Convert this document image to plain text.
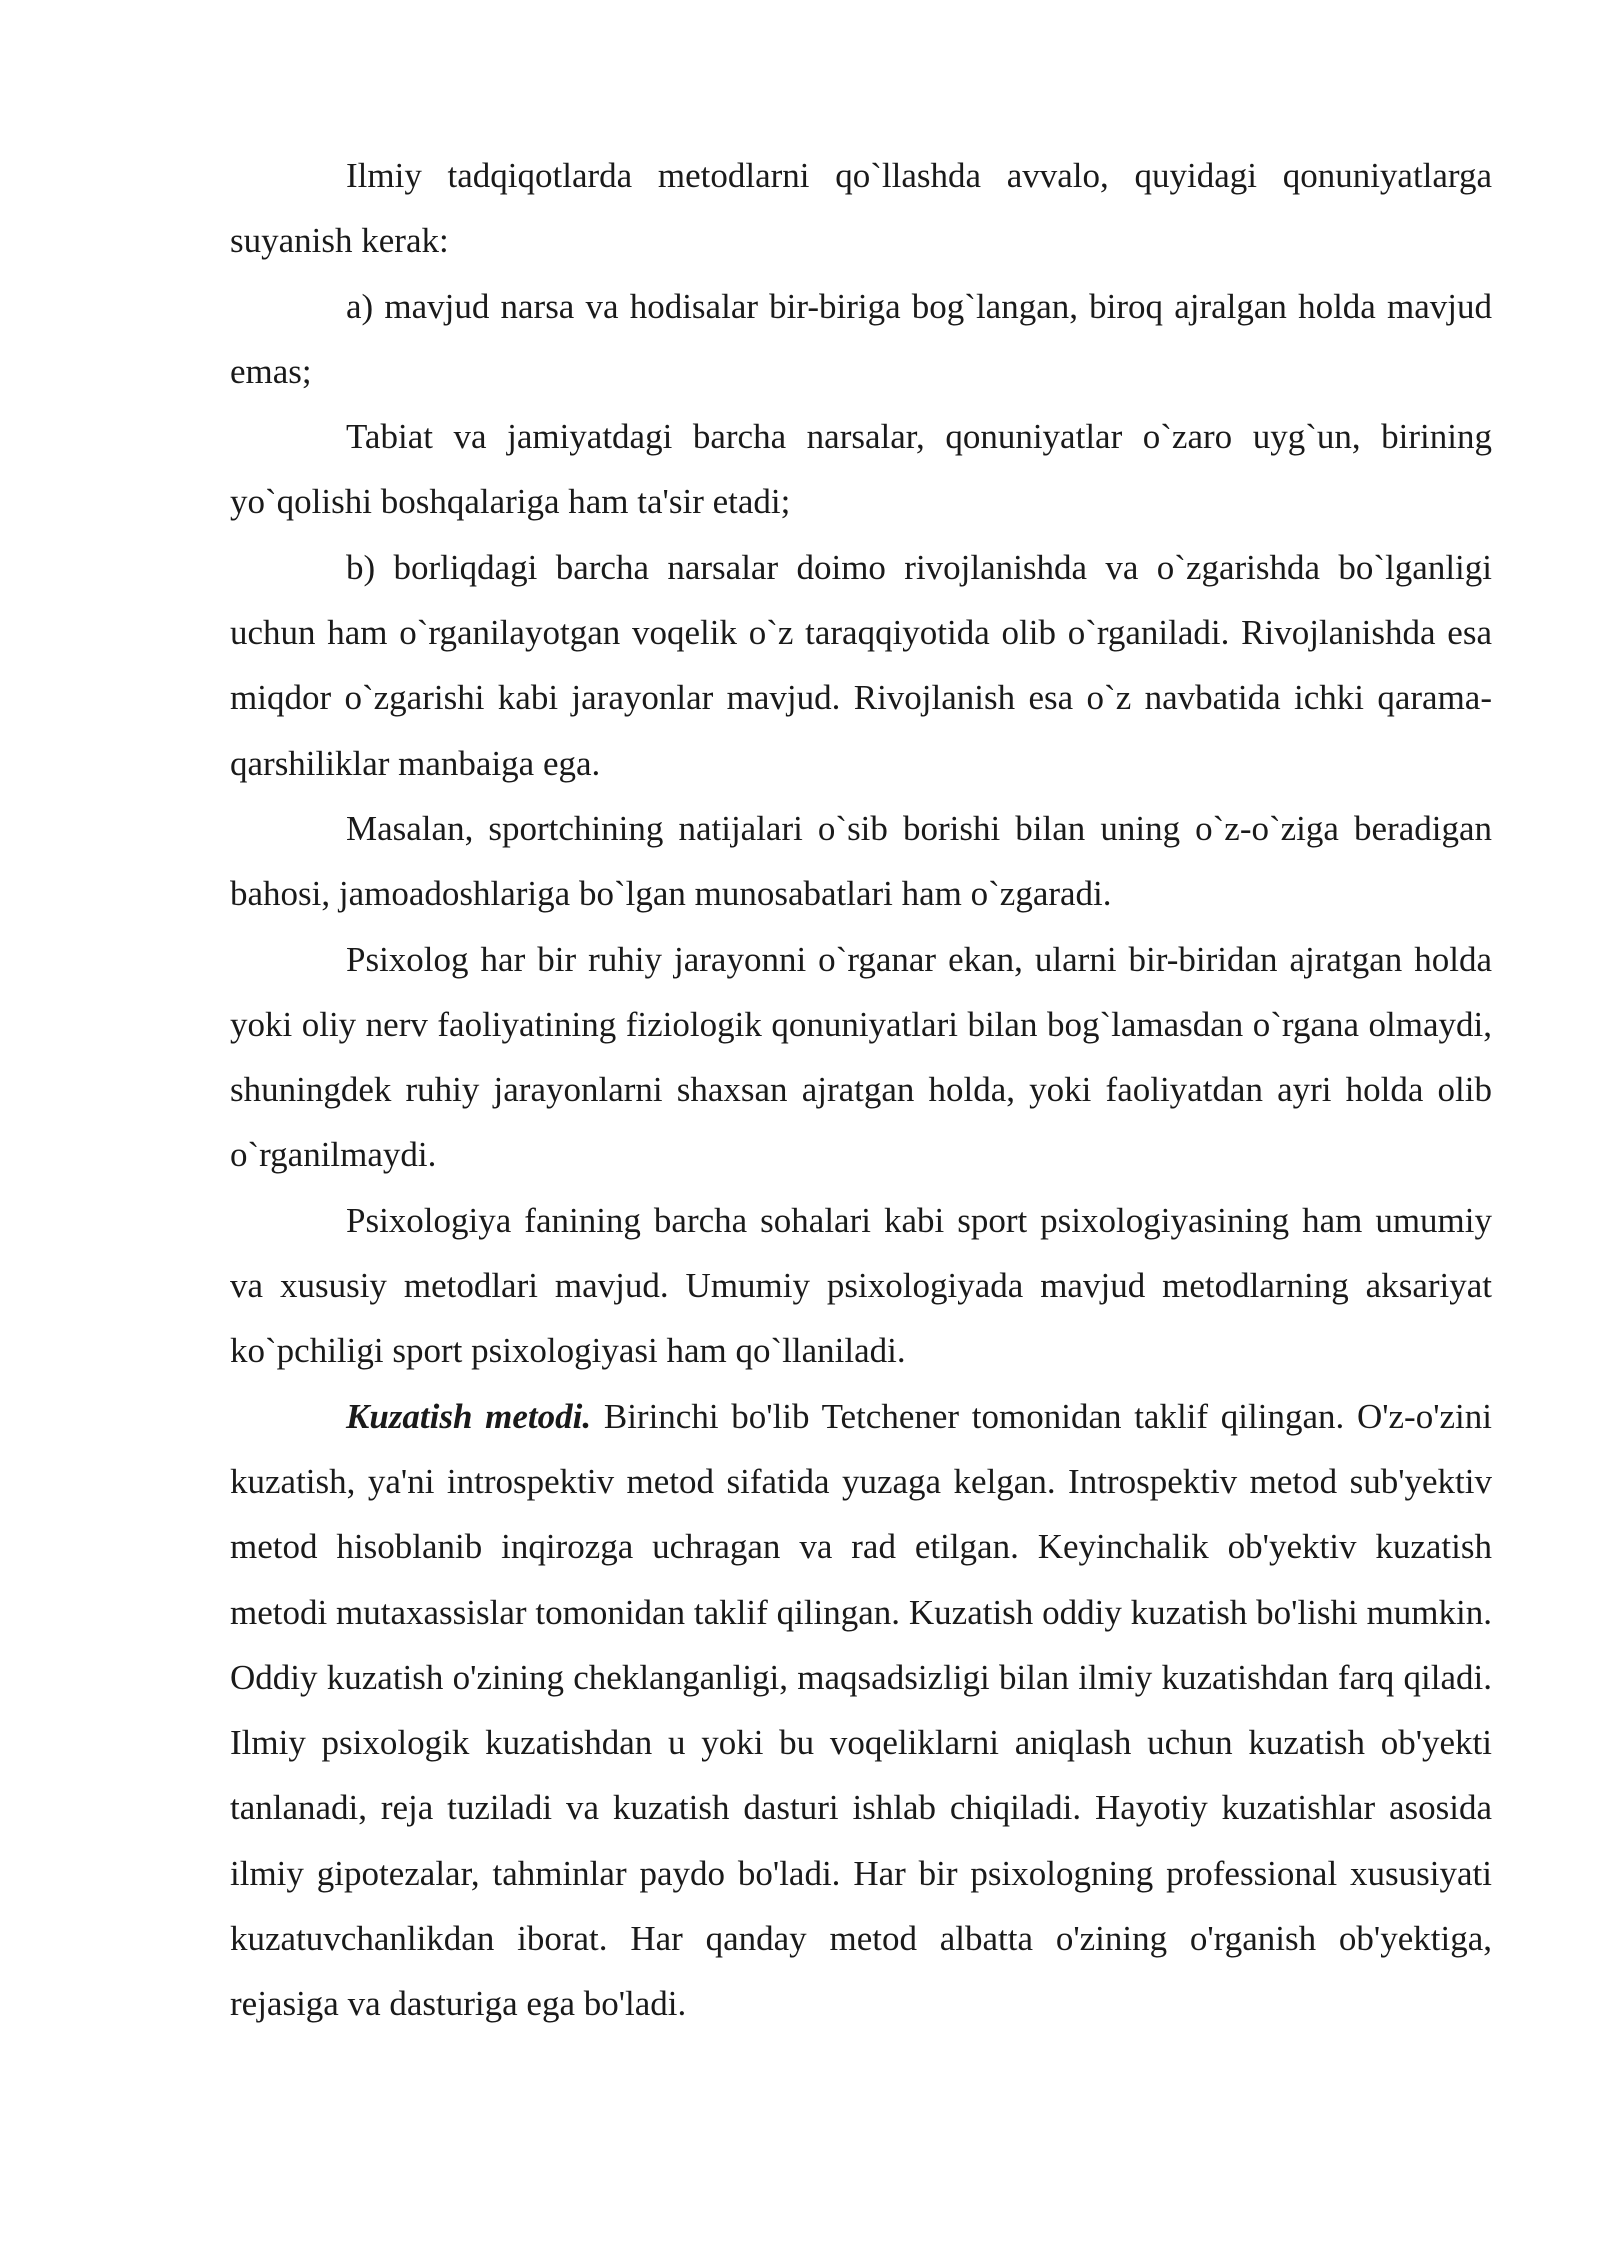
Ilmiy tadqiqotlarda metodlarni qo`llashda avvalo, quyidagi qonuniyatlarga suyanish kerak:

a) mavjud narsa va hodisalar bir-biriga bog`langan, biroq ajralgan holda mavjud emas;

Tabiat va jamiyatdagi barcha narsalar, qonuniyatlar o`zaro uyg`un, birining yo`qolishi boshqalariga ham ta'sir etadi;

b) borliqdagi barcha narsalar doimo rivojlanishda va o`zgarishda bo`lganligi uchun ham o`rganilayotgan voqelik o`z taraqqiyotida olib o`rganiladi. Rivojlanishda esa miqdor o`zgarishi kabi jarayonlar mavjud. Rivojlanish esa o`z navbatida ichki qarama-qarshiliklar manbaiga ega.

Masalan, sportchining natijalari o`sib borishi bilan uning o`z-o`ziga beradigan bahosi, jamoadoshlariga bo`lgan munosabatlari ham o`zgaradi.

Psixolog har bir ruhiy jarayonni o`rganar ekan, ularni bir-biridan ajratgan holda yoki oliy nerv faoliyatining fiziologik qonuniyatlari bilan bog`lamasdan o`rgana olmaydi, shuningdek ruhiy jarayonlarni shaxsan ajratgan holda, yoki faoliyatdan ayri holda olib o`rganilmaydi.

Psixologiya fanining barcha sohalari kabi sport psixologiyasining ham umumiy va xususiy metodlari mavjud. Umumiy psixologiyada mavjud metodlarning aksariyat ko`pchiligi sport psixologiyasi ham qo`llaniladi.

Kuzatish metodi. Birinchi bo'lib Tetchener tomonidan taklif qilingan. O'z-o'zini kuzatish, ya'ni introspektiv metod sifatida yuzaga kelgan. Introspektiv metod sub'yektiv metod hisoblanib inqirozga uchragan va rad etilgan. Keyinchalik ob'yektiv kuzatish metodi mutaxassislar tomonidan taklif qilingan. Kuzatish oddiy kuzatish bo'lishi mumkin. Oddiy kuzatish o'zining cheklanganligi, maqsadsizligi bilan ilmiy kuzatishdan farq qiladi. Ilmiy psixologik kuzatishdan u yoki bu voqeliklarni aniqlash uchun kuzatish ob'yekti tanlanadi, reja tuziladi va kuzatish dasturi ishlab chiqiladi. Hayotiy kuzatishlar asosida ilmiy gipotezalar, tahminlar paydo bo'ladi. Har bir psixologning professional xususiyati kuzatuvchanlikdan iborat. Har qanday metod albatta o'zining o'rganish ob'yektiga, rejasiga va dasturiga ega bo'ladi.
